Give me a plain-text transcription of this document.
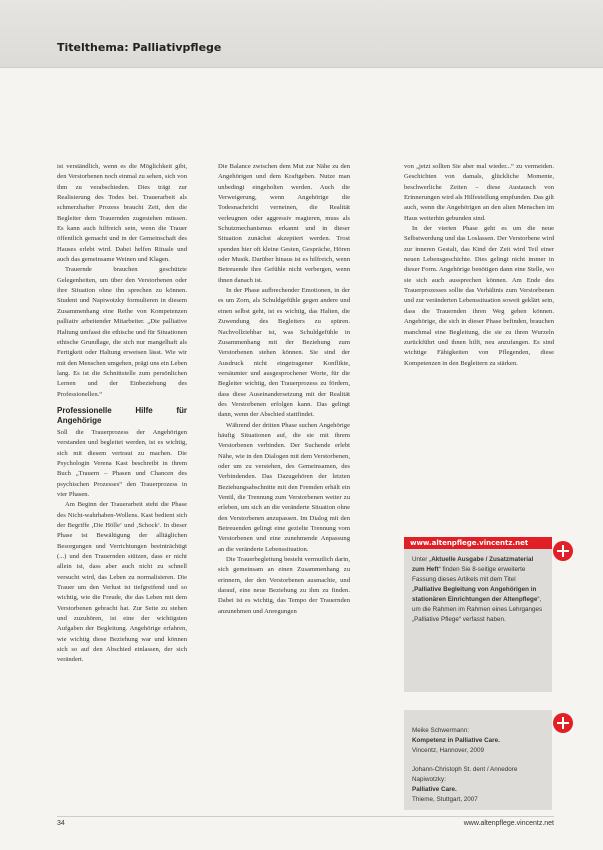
Titelthema: Palliativpflege

ist verständlich, wenn es die Möglichkeit gibt, den Verstorbenen noch einmal zu sehen, sich von ihm zu verabschieden. Dies trägt zur Realisierung des Todes bei. Trauerarbeit als schmerzhafter Prozess braucht Zeit, den die Begleiter dem Trauernden zugestehen müssen. Es kann auch hilfreich sein, wenn die Trauer öffentlich gemacht und in der Gemeinschaft des Hauses erlebt wird. Dabei helfen Rituale und auch das gemeinsame Weinen und Klagen.

Trauernde brauchen geschützte Gelegenheiten, um über den Verstorbenen oder ihre Situation ohne ihn sprechen zu können. Student und Napiwotzky formulieren in diesem Zusammenhang eine Reihe von Kompetenzen palliativ arbeitender Mitarbeiter. „Die palliative Haltung umfasst die ethische und für Situationen ethische Grundlage, die sich nur mangelhaft als Fertigkeit oder Haltung erweisen lässt. Wie wir mit den Menschen umgehen, prägt uns ein Leben lang. Es ist die Schnittstelle zum persönlichen Lernen und der Einbeziehung des Professionellen.“

Professionelle Hilfe für Angehörige

Soll die Trauerprozess der Angehörigen verstanden und begleitet werden, ist es wichtig, sich mit diesem vertraut zu machen. Die Psychologin Verena Kast beschreibt in ihrem Buch „Trauern – Phasen und Chancen des psychischen Prozesses“ den Trauerprozess in vier Phasen.

Am Beginn der Trauerarbeit steht die Phase des Nicht-wahrhaben-Wollens. Kast bedient sich der Begriffe ‚Die Hölle‘ und ‚Schock‘. In dieser Phase ist Bewältigung der alltäglichen Besorgungen und Verrichtungen beeinträchtigt (...) und den Trauernden stützen, dass er nicht allein ist, dass aber auch nicht zu schnell versucht wird, das Leben zu normalisieren. Die Trauer um den Verlust ist tiefgreifend und so wichtig, wie die Freude, die das Leben mit dem Verstorbenen gebracht hat. Zur Seite zu stehen und zuzuhören, ist eine der wichtigsten Aufgaben der Begleitung. Angehörige erfahren, wie wichtig diese Beziehung war und können sich so auf den Abschied einlassen, der sich verändert.

Die Balance zwischen dem Mut zur Nähe zu den Angehörigen und dem Kraftgeben. Nutze man unbedingt eingeholten werden. Auch die Verweigerung, wenn Angehörige die Todesnachricht verneinen, die Realität verleugnen oder aggressiv reagieren, muss als Schutzmechanismus erkannt und in dieser Situation zunächst akzeptiert werden. Trost spenden hier oft kleine Gesten, Gespräche, Hören oder Musik. Darüber hinaus ist es hilfreich, wenn Betreuende ihre Gefühle nicht verbergen, wenn ihnen danach ist.

In der Phase aufbrechender Emotionen, in der es um Zorn, als Schuldgefühle gegen andere und einen selbst geht, ist es wichtig, das Halten, die Zuwendung des Begleiters zu spüren. Nachvollziehbar ist, was Schuldgefühle in Zusammenhang mit der Beziehung zum Verstorbenen stehen können. Sie sind der Ausdruck nicht eingetragener Konflikte, versäumter und ausgesprochener Worte, für die Begleiter wichtig, den Trauerprozess zu fördern, dass diese Auseinandersetzung mit der Realität des Verstorbenen erfolgen kann. Das gelingt dann, wenn der Abschied stattfindet.

Während der dritten Phase suchen Angehörige häufig Situationen auf, die sie mit ihrem Verstorbenen verbinden. Der Suchende erlebt Nähe, wie in den Dialogen mit dem Verstorbenen, oder um zu verstehen, des Gemeinsamen, des Verbindenden. Das Dazugehören der letzten Beziehungsabschnitte mit den Fremden erhält ein Ventil, die Trennung zum Verstorbenen weiter zu erleben, um sich an die veränderte Situation ohne den Verstorbenen anzupassen. Im Dialog mit den Betreuenden gelingt eine gezielte Trennung vom Verstorbenen und eine zunehmende Anpassung an die veränderte Lebenssituation.

Die Trauerbegleitung besteht vermutlich darin, sich gemeinsam an einen Zusammenhang zu erinnern, der den Verstorbenen ausmachte, und darauf, eine neue Beziehung zu ihm zu finden. Dabei ist es wichtig, das Tempo der Trauernden anzunehmen und Anregungen

von „jetzt sollten Sie aber mal wieder...“ zu vermeiden. Geschichten von damals, glückliche Momente, beschwerliche Zeiten – diese Austausch von Erinnerungen wird als Hilfestellung empfunden. Das gilt auch, wenn die Angehörigen an den alten Menschen im Haus weiterhin gebunden sind.

In der vierten Phase geht es um die neue Selbstwerdung und das Loslassen. Der Verstorbene wird zur inneren Gestalt, das Kind der Zeit wird Teil einer neuen Lebensgeschichte. Dies gelingt nicht immer in dieser Form. Angehörige benötigen dann eine Stelle, wo sie sich auch aussprechen können. Am Ende des Trauerprozesses sollte das Verhältnis zum Verstorbenen und zur veränderten Lebenssituation soweit geklärt sein, dass die Trauernden ihren Weg gehen können. Angehörige, die sich in dieser Phase befinden, brauchen manchmal eine Begleitung, die sie zu ihren Wurzeln zurückführt und ihnen hilft, neu anzufangen. Es sind wichtige Fähigkeiten von Pflegenden, diese Kompetenzen in den Begleitern zu stärken.

www.altenpflege.vincentz.net
Unter „Aktuelle Ausgabe / Zusatzmaterial zum Heft“ finden Sie 8-seitige erweiterte Fassung dieses Artikels mit dem Titel „Palliative Begleitung von Angehörigen in stationären Einrichtungen der Altenpflege“, um die Rahmen im Rahmen eines Lehrganges „Palliative Pflege“ verfasst haben.
Meike Schwermann:
Kompetenz in Palliative Care.
Vincentz, Hannover, 2009
Johann-Christoph St. dent / Annedore Napiwotzky:
Palliative Care.
Thieme, Stuttgart, 2007
34	www.altenpflege.vincentz.net
